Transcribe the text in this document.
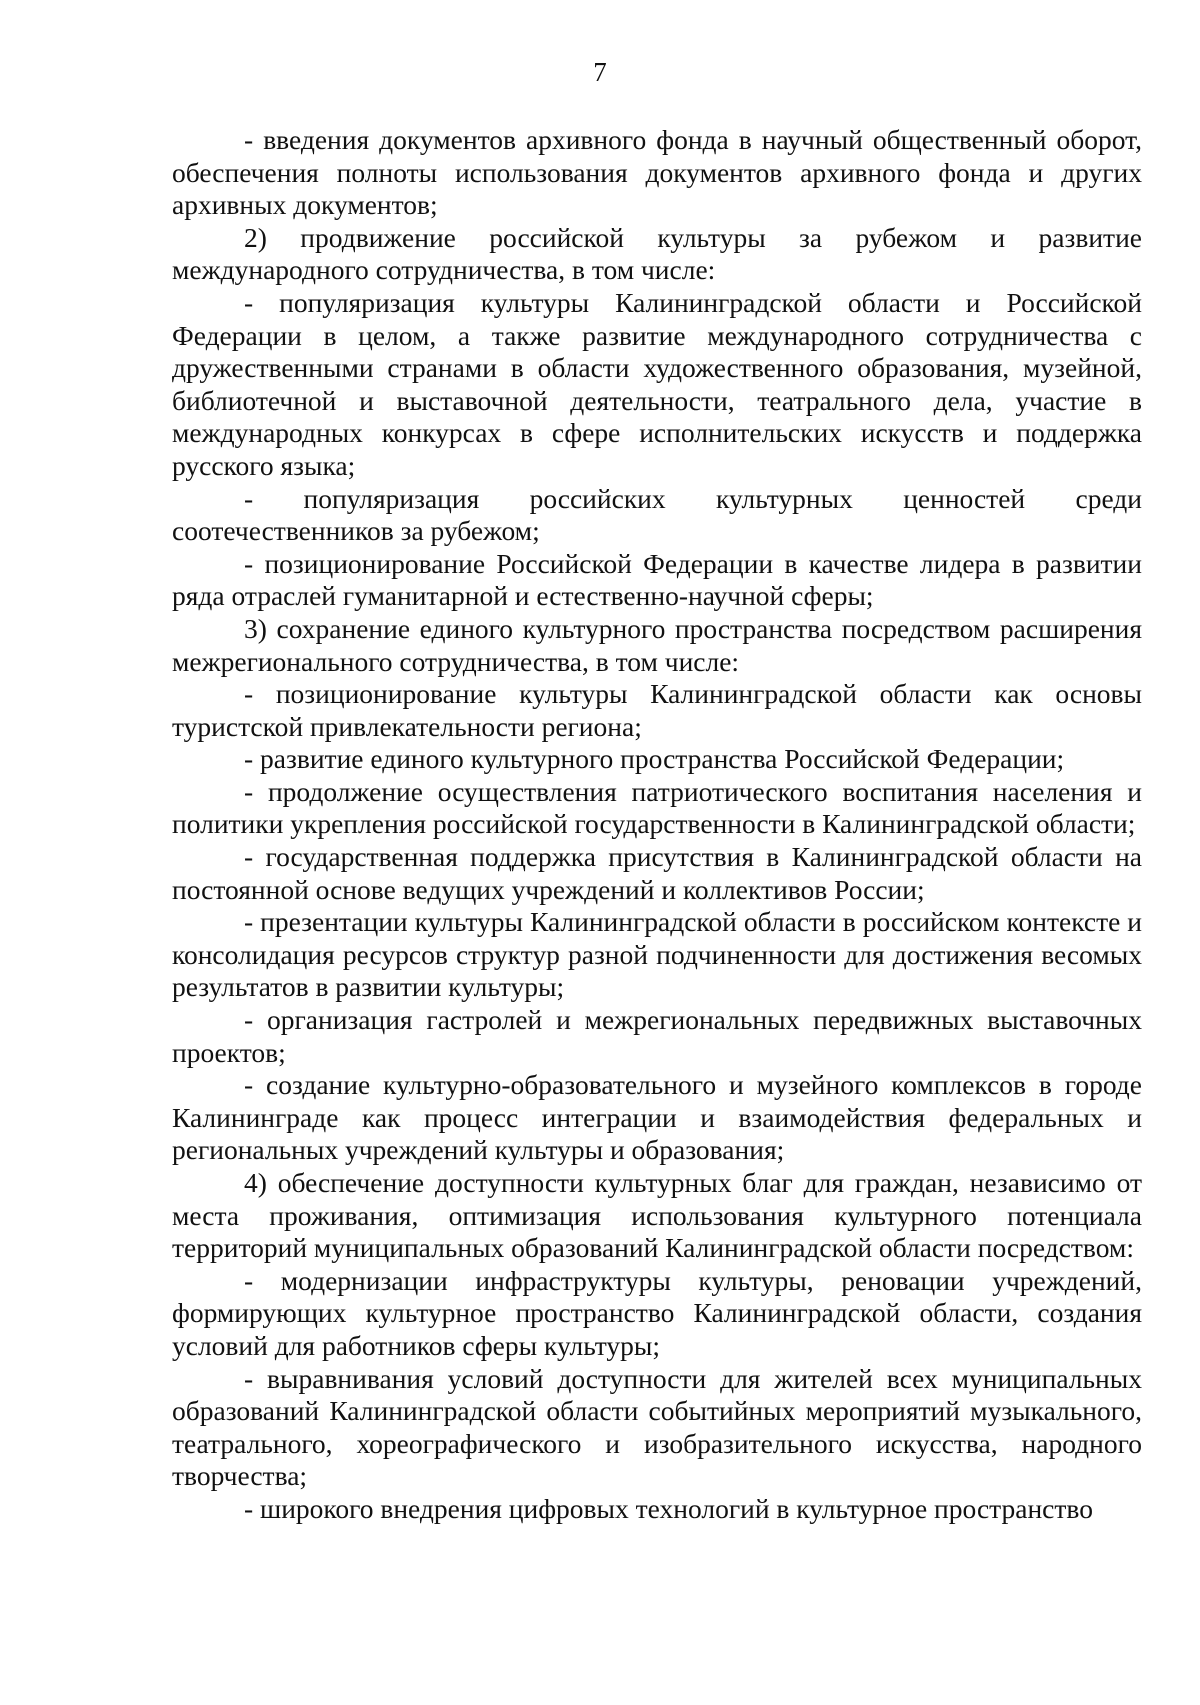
7

- введения документов архивного фонда в научный общественный оборот, обеспечения полноты использования документов архивного фонда и других архивных документов;

2) продвижение российской культуры за рубежом и развитие международного сотрудничества, в том числе:

- популяризация культуры Калининградской области и Российской Федерации в целом, а также развитие международного сотрудничества с дружественными странами в области художественного образования, музейной, библиотечной и выставочной деятельности, театрального дела, участие в международных конкурсах в сфере исполнительских искусств и поддержка русского языка;

- популяризация российских культурных ценностей среди соотечественников за рубежом;

- позиционирование Российской Федерации в качестве лидера в развитии ряда отраслей гуманитарной и естественно-научной сферы;

3) сохранение единого культурного пространства посредством расширения межрегионального сотрудничества, в том числе:

- позиционирование культуры Калининградской области как основы туристской привлекательности региона;

- развитие единого культурного пространства Российской Федерации;

- продолжение осуществления патриотического воспитания населения и политики укрепления российской государственности в Калининградской области;

- государственная поддержка присутствия в Калининградской области на постоянной основе ведущих учреждений и коллективов России;

- презентации культуры Калининградской области в российском контексте и консолидация ресурсов структур разной подчиненности для достижения весомых результатов в развитии культуры;

- организация гастролей и межрегиональных передвижных выставочных проектов;

- создание культурно-образовательного и музейного комплексов в городе Калининграде как процесс интеграции и взаимодействия федеральных и региональных учреждений культуры и образования;

4) обеспечение доступности культурных благ для граждан, независимо от места проживания, оптимизация использования культурного потенциала территорий муниципальных образований Калининградской области посредством:

- модернизации инфраструктуры культуры, реновации учреждений, формирующих культурное пространство Калининградской области, создания условий для работников сферы культуры;

- выравнивания условий доступности для жителей всех муниципальных образований Калининградской области событийных мероприятий музыкального, театрального, хореографического и изобразительного искусства, народного творчества;

- широкого внедрения цифровых технологий в культурное пространство
